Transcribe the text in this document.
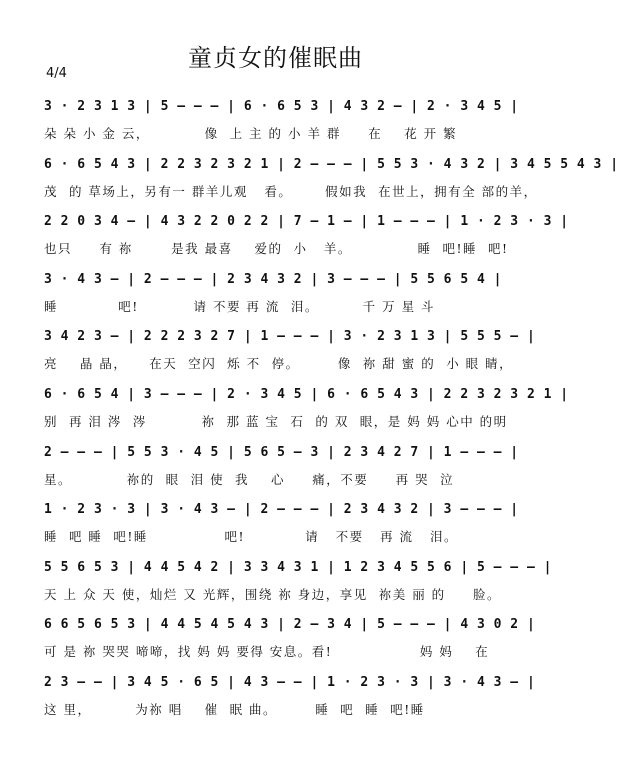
童贞女的催眠曲
4/4
3 · 2 3 1 3 | 5 – – – | 6 · 6 5 3 | 4 3 2 – | 2 · 3 4 5 |
朵 朵 小 金 云，          像  上 主 的 小 羊 群     在    花 开 繁
6 · 6 5 4 3 | 2 2 3 2 3 2 1 | 2 – – – | 5 5 3 · 4 3 2 | 3 4 5 5 4 3 |
茂  的 草场上，另有一 群羊儿观   看。      假如我  在世上，拥有全 部的羊，
2 2 0 3 4 – | 4 3 2 2 0 2 2 | 7 – 1 – | 1 – – – | 1 · 2 3 · 3 |
也只     有 祢       是我 最喜    爱的  小   羊。            睡  吧!睡  吧!
3 · 4 3 – | 2 – – – | 2 3 4 3 2 | 3 – – – | 5 5 6 5 4 |
睡           吧!          请 不要 再 流  泪。        千 万 星 斗
3 4 2 3 – | 2 2 2 3 2 7 | 1 – – – | 3 · 2 3 1 3 | 5 5 5 – |
亮    晶 晶，    在天  空闪  烁 不  停。       像  祢 甜 蜜 的  小 眼 睛，
6 · 6 5 4 | 3 – – – | 2 · 3 4 5 | 6 · 6 5 4 3 | 2 2 3 2 3 2 1 |
别  再 泪 涔  涔          祢  那 蓝 宝  石  的 双  眼，是 妈 妈 心中 的明
2 – – – | 5 5 3 · 4 5 | 5 6 5 – 3 | 2 3 4 2 7 | 1 – – – |
星。          祢的  眼  泪 使  我    心     痛，不要     再 哭  泣
1 · 2 3 · 3 | 3 · 4 3 – | 2 – – – | 2 3 4 3 2 | 3 – – – |
睡  吧 睡  吧!睡              吧!           请   不要   再 流   泪。
5 5 6 5 3 | 4 4 5 4 2 | 3 3 4 3 1 | 1 2 3 4 5 5 6 | 5 – – – |
天 上 众 天 使，灿烂 又 光辉，围绕 祢 身边，享见  祢美 丽 的     脸。
6 6 5 6 5 3 | 4 4 5 4 5 4 3 | 2 – 3 4 | 5 – – – | 4 3 0 2 |
可 是 祢 哭哭 啼啼，找 妈 妈 要得 安息。看!                妈 妈    在
2 3 – – | 3 4 5 · 6 5 | 4 3 – – | 1 · 2 3 · 3 | 3 · 4 3 – |
这 里，        为祢 唱    催  眠 曲。       睡  吧  睡  吧!睡
